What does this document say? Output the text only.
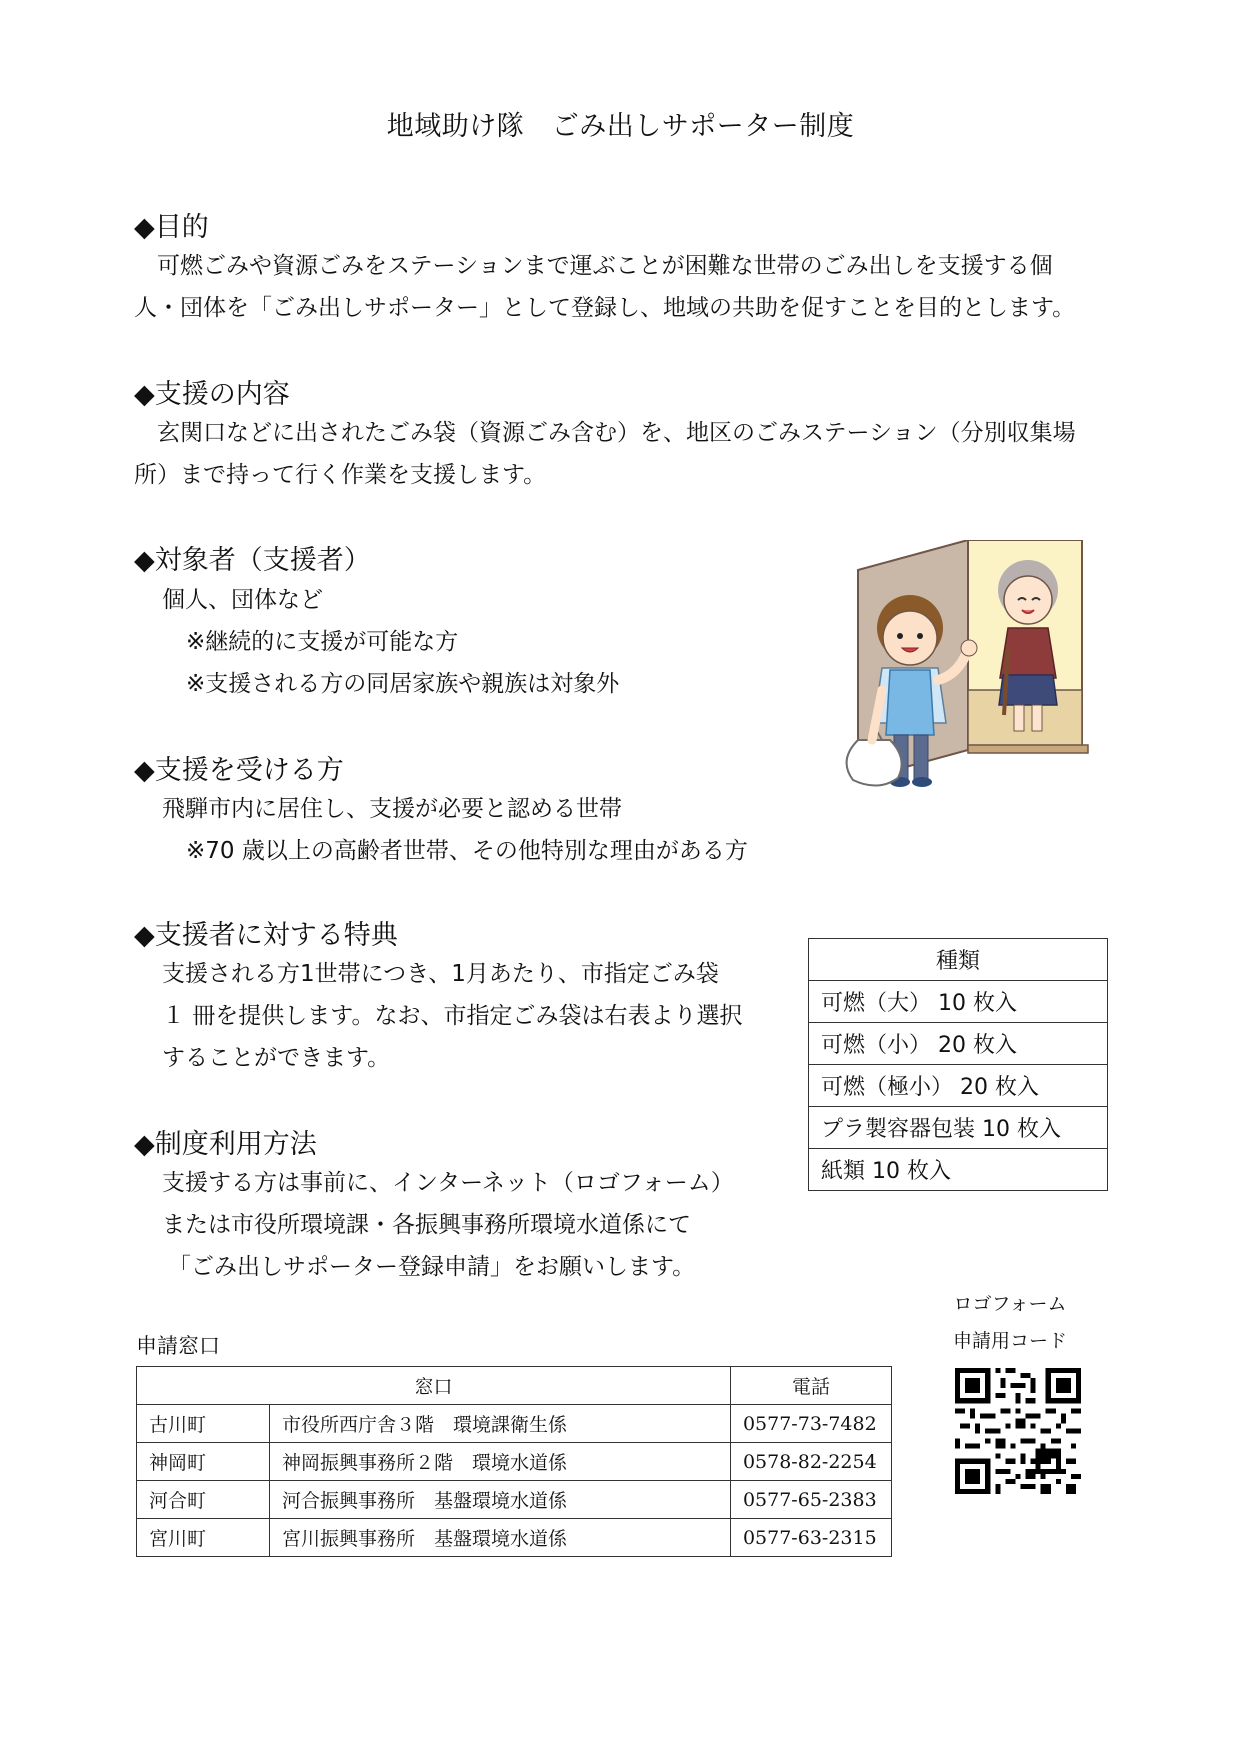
地域助け隊　ごみ出しサポーター制度
◆目的
　可燃ごみや資源ごみをステーションまで運ぶことが困難な世帯のごみ出しを支援する個
人・団体を「ごみ出しサポーター」として登録し、地域の共助を促すことを目的とします。
◆支援の内容
　玄関口などに出されたごみ袋（資源ごみ含む）を、地区のごみステーション（分別収集場
所）まで持って行く作業を支援します。
◆対象者（支援者）
個人、団体など
※継続的に支援が可能な方
※支援される方の同居家族や親族は対象外
◆支援を受ける方
飛騨市内に居住し、支援が必要と認める世帯
※70 歳以上の高齢者世帯、その他特別な理由がある方
◆支援者に対する特典
支援される方1世帯につき、1月あたり、市指定ごみ袋
１ 冊を提供します。なお、市指定ごみ袋は右表より選択
することができます。
種類
可燃（大） 10 枚入
可燃（小） 20 枚入
可燃（極小） 20 枚入
プラ製容器包装 10 枚入
紙類 10 枚入
◆制度利用方法
支援する方は事前に、インターネット（ロゴフォーム）
または市役所環境課・各振興事務所環境水道係にて
「ごみ出しサポーター登録申請」をお願いします。
申請窓口
窓口		電話
古川町	市役所西庁舎３階　環境課衛生係	0577-73-7482
神岡町	神岡振興事務所２階　環境水道係	0578-82-2254
河合町	河合振興事務所　基盤環境水道係	0577-65-2383
宮川町	宮川振興事務所　基盤環境水道係	0577-63-2315
ロゴフォーム
申請用コード
